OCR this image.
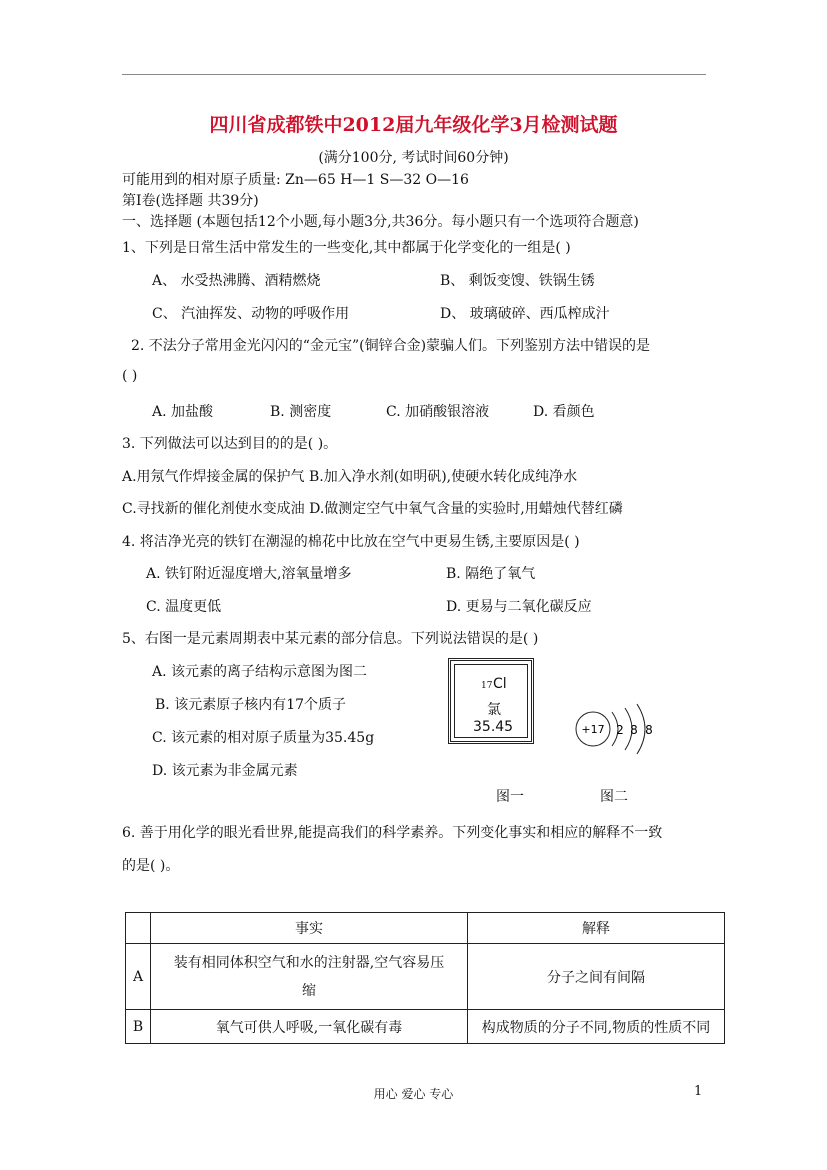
四川省成都铁中2012届九年级化学3月检测试题
(满分100分, 考试时间60分钟)
可能用到的相对原子质量: Zn—65 H—1 S—32 O—16
第Ⅰ卷(选择题 共39分)
一、选择题 (本题包括12个小题,每小题3分,共36分。每小题只有一个选项符合题意)
1、下列是日常生活中常发生的一些变化,其中都属于化学变化的一组是( )
A、 水受热沸腾、酒精燃烧	B、 剩饭变馊、铁锅生锈
C、 汽油挥发、动物的呼吸作用	D、 玻璃破碎、西瓜榨成汁
2. 不法分子常用金光闪闪的“金元宝”(铜锌合金)蒙骗人们。下列鉴别方法中错误的是
( )
A. 加盐酸	B. 测密度	C. 加硝酸银溶液	D. 看颜色
3. 下列做法可以达到目的的是( )。
A.用氖气作焊接金属的保护气 B.加入净水剂(如明矾),使硬水转化成纯净水
C.寻找新的催化剂使水变成油 D.做测定空气中氧气含量的实验时,用蜡烛代替红磷
4. 将洁净光亮的铁钉在潮湿的棉花中比放在空气中更易生锈,主要原因是( )
A. 铁钉附近湿度增大,溶氧量增多	B. 隔绝了氧气
C. 温度更低	D. 更易与二氧化碳反应
5、右图一是元素周期表中某元素的部分信息。下列说法错误的是( )
A. 该元素的离子结构示意图为图二
B. 该元素原子核内有17个质子
C. 该元素的相对原子质量为35.45g
D. 该元素为非金属元素
17 Cl
氯
35.45	+17 2 8 8
图一	图二
6. 善于用化学的眼光看世界,能提高我们的科学素养。下列变化事实和相应的解释不一致
的是( )。
	事实	解释
A	装有相同体积空气和水的注射器,空气容易压
缩	分子之间有间隔
B	氧气可供人呼吸,一氧化碳有毒	构成物质的分子不同,物质的性质不同
用心 爱心 专心	1
